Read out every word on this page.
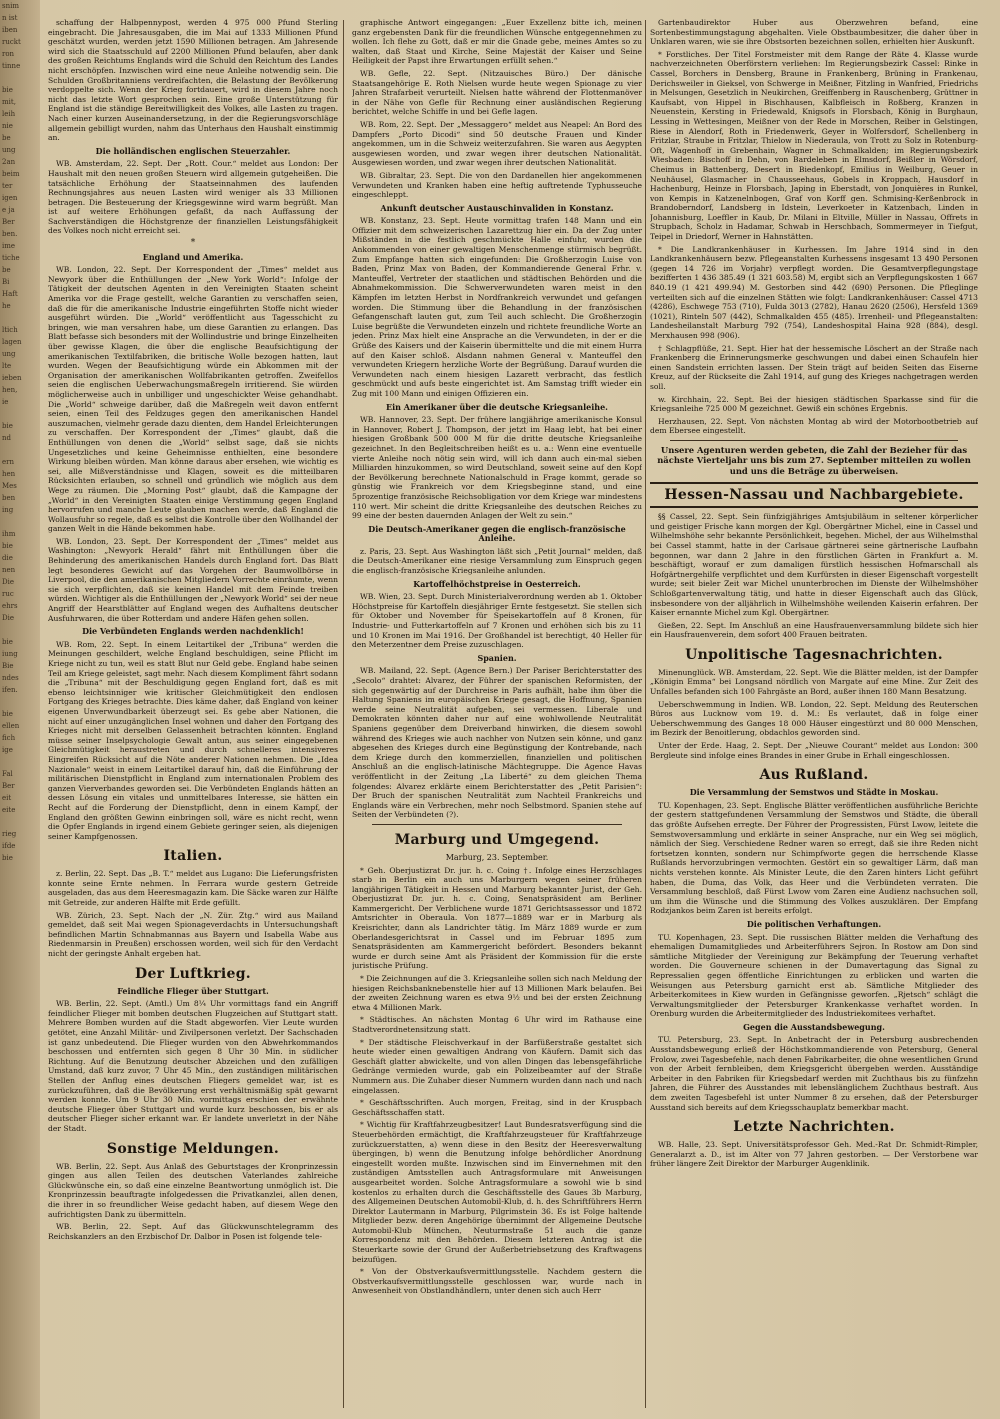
snim
n ist
iben
ruckt
ron
tinne

bie
mit,
leih
nie
be
ung
2an
beim
ter
igen
e ja
Ber
ben.
ime
tiche
be
Bi
Haft
he

ltich
lagen
ung
lte
ieben
hen,
ie

bie
nd

ern
hen
Mes
ben
ing

ihm
bie
die
nen
Die
ruc
ehrs
Die

bie
iung
Bie
ndes
ifen.

bie
ellen
fich
ige

Fal
Ber
eit
eite

rieg
ifde
bie

schaffung der Halbpennypost, werden 4 975 000 Pfund Sterling eingebracht. Die Jahresausgaben, die im Mai auf 1333 Millionen Pfund geschätzt wurden, werden jetzt 1590 Millionen betragen. Am Jahresende wird sich die Staatsschuld auf 2200 Millionen Pfund belaufen, aber dank des großen Reichtums Englands wird die Schuld den Reichtum des Landes nicht erschöpfen. Inzwischen wird eine neue Anleihe notwendig sein. Die Schulden Großbritanniens verdreifachten, die Belastung der Bevölkerung verdoppelte sich. Wenn der Krieg fortdauert, wird in diesem Jahre noch nicht das letzte Wort gesprochen sein. Eine große Unterstützung für England ist die ständige Bereitwilligkeit des Volkes, alle Lasten zu tragen. Nach einer kurzen Auseinandersetzung, in der die Regierungsvorschläge allgemein gebilligt wurden, nahm das Unterhaus den Haushalt einstimmig an.

Die holländischen englischen Steuerzahler.

WB. Amsterdam, 22. Sept. Der „Rott. Cour.“ meldet aus London: Der Haushalt mit den neuen großen Steuern wird allgemein gutgeheißen. Die tatsächliche Erhöhung der Staatseinnahmen des laufenden Rechnungsjahres aus neuen Lasten wird weniger als 33 Millionen betragen. Die Besteuerung der Kriegsgewinne wird warm begrüßt. Man ist auf weitere Erhöhungen gefaßt, da nach Auffassung der Sachverständigen die Höchstgrenze der finanziellen Leistungsfähigkeit des Volkes noch nicht erreicht sei.

*
England und Amerika.

WB. London, 22. Sept. Der Korrespondent der „Times“ meldet aus Newyork über die Enthüllungen der „New York World“: Infolge der Tätigkeit der deutschen Agenten in den Vereinigten Staaten scheint Amerika vor die Frage gestellt, welche Garantien zu verschaffen seien, daß die für die amerikanische Industrie eingeführten Stoffe nicht wieder ausgeführt würden. Die „World“ veröffentlicht aus Tagesschicht zu bringen, wie man versahren habe, um diese Garantien zu erlangen. Das Blatt befasse sich besonders mit der Wollindustrie und bringe Einzelheiten über gewisse Klagen, die über die englische Beaufsichtigung der amerikanischen Textilfabriken, die britische Wolle bezogen hatten, laut wurden. Wegen der Beaufsichtigung würde ein Abkommen mit der Organisation der amerikanischen Wollfabrikanten getroffen. Zweifellos seien die englischen Ueberwachungsmaßregeln irritierend. Sie würden möglicherweise auch in unbilliger und ungeschickter Weise gehandhabt. Die „World“ schweige darüber, daß die Maßregeln weit davon entfernt seien, einen Teil des Feldzuges gegen den amerikanischen Handel auszumachen, vielmehr gerade dazu dienten, dem Handel Erleichterungen zu verschaffen. Der Korrespondent der „Times“ glaubt, daß die Enthüllungen von denen die „World“ selbst sage, daß sie nichts Ungesetzliches und keine Geheimnisse enthielten, eine besondere Wirkung bleiben würden. Man könne daraus aber ersehen, wie wichtig es sei, alle Mißverständnisse und Klagen, soweit es die mitteilbaren Rücksichten erlauben, so schnell und gründlich wie möglich aus dem Wege zu räumen. Die „Morning Post“ glaubt, daß die Kampagne der „World“ in den Vereinigten Staaten einige Verstimmung gegen England hervorrufen und manche Leute glauben machen werde, daß England die Wollausfuhr so regele, daß es selbst die Kontrolle über den Wollhandel der ganzen Welt in die Hände bekommen habe.

WB. London, 23. Sept. Der Korrespondent der „Times“ meldet aus Washington: „Newyork Herald“ fährt mit Enthüllungen über die Behinderung des amerikanischen Handels durch England fort. Das Blatt legt besonderes Gewicht auf das Vorgehen der Baumwollbörse in Liverpool, die den amerikanischen Mitgliedern Vorrechte einräumte, wenn sie sich verpflichten, daß sie keinen Handel mit dem Feinde treiben würden. Wichtiger als die Enthüllungen der „Newyork World“ sei der neue Angriff der Hearstblätter auf England wegen des Aufhaltens deutscher Ausfuhrwaren, die über Rotterdam und andere Häfen gehen sollen.

Die Verbündeten Englands werden nachdenklich!

WB. Rom, 22. Sept. In einem Leitartikel der „Tribuna“ werden die Meinungen geschildert, welche England beschuldigen, seine Pflicht im Kriege nicht zu tun, weil es statt Blut nur Geld gebe. England habe seinen Teil am Kriege geleistet, sagt mehr. Nach diesem Kompliment fährt sodann die „Tribuna“ mit der Beschuldigung gegen England fort, daß es mit ebenso leichtsinniger wie kritischer Gleichmütigkeit den endlosen Fortgang des Krieges betrachte. Dies käme daher, daß England von keiner eigenen Unverwundbarkeit überzeugt sei. Es gebe aber Nationen, die nicht auf einer unzugänglichen Insel wohnen und daher den Fortgang des Krieges nicht mit derselben Gelassenheit betrachten könnten. England müsse seiner Inselpsychologie Gewalt antun, aus seiner eingegebenen Gleichmütigkeit heraustreten und durch schnelleres intensiveres Eingreifen Rücksicht auf die Nöte anderer Nationen nehmen. Die „Idea Nazionale“ weist in einem Leitartikel darauf hin, daß die Einführung der militärischen Dienstpflicht in England zum internationalen Problem des ganzen Vierverbandes geworden sei. Die Verbündeten Englands hätten an dessen Lösung ein vitales und unmittelbares Interesse, sie hätten ein Recht auf die Forderung der Dienstpflicht, denn in einem Kampf, der England den größten Gewinn einbringen soll, wäre es nicht recht, wenn die Opfer Englands in irgend einem Gebiete geringer seien, als diejenigen seiner Kampfgenossen.

Italien.

z. Berlin, 22. Sept. Das „B. T.“ meldet aus Lugano: Die Lieferungsfristen konnte seine Ernte nehmen. In Ferrara wurde gestern Getreide ausgeladen, das aus dem Heeresmagazin kam. Die Säcke waren zur Hälfte mit Getreide, zur anderen Hälfte mit Erde gefüllt.

WB. Zürich, 23. Sept. Nach der „N. Zür. Ztg.“ wird aus Mailand gemeldet, daß seit Mai wegen Spionageverdachts in Untersuchungshaft befindlichen Martin Schnabmannas aus Bayern und Isabella Wabe aus Riedenmarsin in Preußen) erschossen worden, weil sich für den Verdacht nicht der geringste Anhalt ergeben hat.

Der Luftkrieg.
Feindliche Flieger über Stuttgart.

WB. Berlin, 22. Sept. (Amtl.) Um 8¼ Uhr vormittags fand ein Angriff feindlicher Flieger mit bomben deutschen Flugzeichen auf Stuttgart statt. Mehrere Bomben wurden auf die Stadt abgeworfen. Vier Leute wurden getötet, eine Anzahl Militär- und Zivilpersonen verletzt. Der Sachschaden ist ganz unbedeutend. Die Flieger wurden von den Abwehrkommandos beschossen und entfernten sich gegen 8 Uhr 30 Min. in südlicher Richtung. Auf die Benutzung deutscher Abzeichen und den zufälligen Umstand, daß kurz zuvor, 7 Uhr 45 Min., den zuständigen militärischen Stellen der Anflug eines deutschen Fliegers gemeldet war, ist es zurückzuführen, daß die Bevölkerung erst verhältnismäßig spät gewarnt werden konnte. Um 9 Uhr 30 Min. vormittags erschien der erwähnte deutsche Flieger über Stuttgart und wurde kurz beschossen, bis er als deutscher Flieger sicher erkannt war. Er landete unverletzt in der Nähe der Stadt.

Sonstige Meldungen.

WB. Berlin, 22. Sept. Aus Anlaß des Geburtstages der Kronprinzessin gingen aus allen Teilen des deutschen Vaterlandes zahlreiche Glückwünsche ein, so daß eine einzelne Beantwortung unmöglich ist. Die Kronprinzessin beauftragte infolgedessen die Privatkanzlei, allen denen, die ihrer in so freundlicher Weise gedacht haben, auf diesem Wege den aufrichtigsten Dank zu übermitteln.

WB. Berlin, 22. Sept. Auf das Glückwunschtelegramm des Reichskanzlers an den Erzbischof Dr. Dalbor in Posen ist folgende tele-

graphische Antwort eingegangen: „Euer Exzellenz bitte ich, meinen ganz ergebensten Dank für die freundlichen Wünsche entgegennehmen zu wollen. Ich flehe zu Gott, daß er mir die Gnade gebe, meines Amtes so zu walten, daß Staat und Kirche, Seine Majestät der Kaiser und Seine Heiligkeit der Papst ihre Erwartungen erfüllt sehen.“

WB. Gefle, 22. Sept. (Nitzauisches Büro.) Der dänische Staatsangehörige E. Roth Nielsen wurde heute wegen Spionage zu vier Jahren Strafarbeit verurteilt. Nielsen hatte während der Flottenmanöver in der Nähe von Gefle für Rechnung einer ausländischen Regierung berichtet, welche Schiffe in und bei Gefle lagen.

WB. Rom, 22. Sept. Der „Messaggero“ meldet aus Neapel: An Bord des Dampfers „Porto Dicodi“ sind 50 deutsche Frauen und Kinder angekommen, um in die Schweiz weiterzufahren. Sie waren aus Aegypten ausgewiesen worden, und zwar wegen ihrer deutschen Nationalität. Ausgewiesen worden, und zwar wegen ihrer deutschen Nationalität.

WB. Gibraltar, 23. Sept. Die von den Dardanellen hier angekommenen Verwundeten und Kranken haben eine heftig auftretende Typhusseuche eingeschleppt.

Ankunft deutscher Austauschinvaliden in Konstanz.

WB. Konstanz, 23. Sept. Heute vormittag trafen 148 Mann und ein Offizier mit dem schweizerischen Lazarettzug hier ein. Da der Zug unter Mißständen in die festlich geschmückte Halle einfuhr, wurden die Ankommenden von einer gewaltigen Menschenmenge stürmisch begrüßt. Zum Empfange hatten sich eingefunden: Die Großherzogin Luise von Baden, Prinz Max von Baden, der Kommandierende General Frhr. v. Manteuffel, Vertreter der staatlichen und städtischen Behörden und die Abnahmekommission. Die Schwerverwundeten waren meist in den Kämpfen im letzten Herbst in Nordfrankreich verwundet und gefangen worden. Die Stimmung über die Behandlung in der französischen Gefangenschaft lauten gut, zum Teil auch schlecht. Die Großherzogin Luise begrüßte die Verwundeten einzeln und richtete freundliche Worte an jeden. Prinz Max hielt eine Ansprache an die Verwundeten, in der er die Grüße des Kaisers und der Kaiserin übermittelte und die mit einem Hurra auf den Kaiser schloß. Alsdann nahmen General v. Manteuffel den verwundeten Kriegern herzliche Worte der Begrüßung. Darauf wurden die Verwundeten nach einem hiesigen Lazarett verbracht, das festlich geschmückt und aufs beste eingerichtet ist. Am Samstag trifft wieder ein Zug mit 100 Mann und einigen Offizieren ein.

Ein Amerikaner über die deutsche Kriegsanleihe.

WB. Hannover, 23. Sept. Der frühere langjährige amerikanische Konsul in Hannover, Robert J. Thompson, der jetzt im Haag lebt, hat bei einer hiesigen Großbank 500 000 M für die dritte deutsche Kriegsanleihe gezeichnet. In den Begleitschreiben heißt es u. a.: Wenn eine eventuelle vierte Anleihe noch nötig sein wird, will ich dann auch ein-mal sieben Milliarden hinzukommen, so wird Deutschland, soweit seine auf den Kopf der Bevölkerung berechnete Nationalschuld in Frage kommt, gerade so günstig wie Frankreich vor dem Kriegsbeginne stand, und eine 5prozentige französische Reichsobligation vor dem Kriege war mindestens 110 wert. Mir scheint die dritte Kriegsanleihe des deutschen Reiches zu 99 eine der besten dauernden Anlagen der Welt zu sein.“

Die Deutsch-Amerikaner gegen die englisch-französische Anleihe.

z. Paris, 23. Sept. Aus Washington läßt sich „Petit Journal“ melden, daß die Deutsch-Amerikaner eine riesige Versammlung zum Einspruch gegen die englisch-französische Kriegsanleihe anlunden.

Kartoffelhöchstpreise in Oesterreich.

WB. Wien, 23. Sept. Durch Ministerialverordnung werden ab 1. Oktober Höchstpreise für Kartoffeln diesjähriger Ernte festgesetzt. Sie stellen sich für Oktober und November für Speisekartoffeln auf 8 Kronen, für Industrie- und Futterkartoffeln auf 7 Kronen und erhöhen sich bis zu 11 und 10 Kronen im Mai 1916. Der Großhandel ist berechtigt, 40 Heller für den Meterzentner dem Preise zuzuschlagen.

Spanien.

WB. Mailand, 22. Sept. (Agence Bern.) Der Pariser Berichterstatter des „Secolo“ drahtet: Alvarez, der Führer der spanischen Reformisten, der sich gegenwärtig auf der Durchreise in Paris aufhält, habe ihm über die Haltung Spaniens im europäischen Kriege gesagt, die Hoffnung, Spanien werde seine Neutralität aufgeben, sei vermessen. Liberale und Demokraten könnten daher nur auf eine wohlwollende Neutralität Spaniens gegenüber dem Dreiverband hinwirken, die diesem sowohl während des Krieges wie auch nachher von Nutzen sein könne, und ganz abgesehen des Krieges durch eine Begünstigung der Kontrebande, nach dem Kriege durch den kommerziellen, finanziellen und politischen Anschluß an die englisch-latinische Mächtegruppe. Die Agence Havas veröffentlicht in der Zeitung „La Liberté“ zu dem gleichen Thema folgendes: Alvarez erklärte einem Berichterstatter des „Petit Parisien“: Der Bruch der spanischen Neutralität zum Nachteil Frankreichs und Englands wäre ein Verbrechen, mehr noch Selbstmord. Spanien stehe auf Seiten der Verbündeten (?).

Marburg und Umgegend.
Marburg, 23. September.

* Geh. Oberjustizrat Dr. jur. h. c. Coing †. Infolge eines Herzschlages starb in Berlin ein auch uns Marburgern wegen seiner früheren langjährigen Tätigkeit in Hessen und Marburg bekannter Jurist, der Geh. Oberjustizrat Dr. jur. h. c. Coing, Senatspräsident am Berliner Kammergericht. Der Verblichene wurde 1871 Gerichtsassessor und 1872 Amtsrichter in Oberaula. Von 1877—1889 war er in Marburg als Kreisrichter, dann als Landrichter tätig. Im März 1889 wurde er zum Oberlandesgerichtsrat in Cassel und im Februar 1895 zum Senatspräsidenten am Kammergericht befördert. Besonders bekannt wurde er durch seine Amt als Präsident der Kommission für die erste juristische Prüfung.

* Die Zeichnungen auf die 3. Kriegsanleihe sollen sich nach Meldung der hiesigen Reichsbanknebenstelle hier auf 13 Millionen Mark belaufen. Bei der zweiten Zeichnung waren es etwa 9½ und bei der ersten Zeichnung etwa 4 Millionen Mark.

* Städtisches. An nächsten Montag 6 Uhr wird im Rathause eine Stadtverordnetensitzung statt.

* Der städtische Fleischverkauf in der Barfüßerstraße gestaltet sich heute wieder einen gewaltigen Andrang von Käufern. Damit sich das Geschäft glatter abwickelte, und von allen Dingen das lebensgefährliche Gedränge vermieden wurde, gab ein Polizeibeamter auf der Straße Nummern aus. Die Zuhaber dieser Nummern wurden dann nach und nach eingelassen.

* Geschäftsschriften. Auch morgen, Freitag, sind in der Kruspbach Geschäftsschaffen statt.

* Wichtig für Kraftfahrzeugbesitzer! Laut Bundesratsverfügung sind die Steuerbehörden ermächtigt, die Kraftfahrzeugsteuer für Kraftfahrzeuge zurückzuerstatten, a) wenn diese in den Besitz der Heeresverwaltung übergingen, b) wenn die Benutzung infolge behördlicher Anordnung eingestellt worden mußte. Inzwischen sind im Einvernehmen mit den zuständigen Amtsstellen auch Antragsformulare mit Anweisungen ausgearbeitet worden. Solche Antragsformulare a sowohl wie b sind kostenlos zu erhalten durch die Geschäftsstelle des Gaues 3b Marburg, des Allgemeinen Deutschen Automobil-Klub, d. h. des Schriftführers Herrn Direktor Lautermann in Marburg, Pilgrimstein 36. Es ist Folge haltende Mitglieder bezw. deren Angehörige übernimmt der Allgemeine Deutsche Automobil-Klub München, Neuturmstraße 51 auch die ganze Korrespondenz mit den Behörden. Diesem letzteren Antrag ist die Steuerkarte sowie der Grund der Außerbetriebsetzung des Kraftwagens beizufügen.

* Von der Obstverkaufsvermittlungsstelle. Nachdem gestern die Obstverkaufsvermittlungsstelle geschlossen war, wurde nach in Anwesenheit von Obstlandhändlern, unter denen sich auch Herr

Gartenbaudirektor Huber aus Oberzwehren befand, eine Sortenbestimmungstagung abgehalten. Viele Obstbaumbesitzer, die daher über in Unklaren waren, wie sie ihre Obstsorten bezeichnen sollen, erhielten hier Auskunft.

* Forstliches. Der Titel Forstmeister mit dem Range der Räte 4. Klasse wurde nachverzeichneten Oberförstern verliehen: Im Regierungsbezirk Cassel: Rinke in Cassel, Borchers in Densberg, Braune in Frankenberg, Brüning in Frankenau, Derichsweiler in Gieksel, von Schwerge in Meißner, Fitzling in Wanfried, Friedrichs in Melsungen, Gesetzlich in Neukirchen, Greiffenberg in Rauschenberg, Grüttner in Kaufsabt, von Hippel in Bischhausen, Kalbfleisch in Roßberg, Kranzen in Neuenstein, Kersting in Friedewald, Knigsofs in Florsbach, König in Burghaun, Lessing in Wettesingen, Meißner von der Rede in Morschen, Reiber in Gelstingen, Riese in Alendorf, Roth in Friedenwerk, Geyer in Wolfersdorf, Schellenberg in Fritzlar, Straube in Fritzlar, Thielow in Niederaula, von Trott zu Solz in Rotenburg-Oft, Wagenhoff in Grebenhain, Wagner in Schmalkalden; im Regierungsbezirk Wiesbaden: Bischoff in Dehn, von Bardeleben in Elmsdorf, Beißler in Wörsdorf, Cheimus in Battenberg, Desert in Biedenkopf, Emilius in Weilburg, Geuer in Neuhäusel, Glasmacher in Chausseehaus, Gobels in Kroppach, Hausdorf in Hachenburg, Heinze in Florsbach, Japing in Eberstadt, von Jonquières in Runkel, von Kempis in Katzenelnbogen, Graf von Korff gen. Schmising-Kerßenbrock in Brandoberndorf, Landsberg in Idstein, Leverkoeter in Katzenbach, Linden in Johannisburg, Loeffler in Kaub, Dr. Milani in Eltville, Müller in Nassau, Offrets in Strupbach, Scholz in Hadamar, Schwab in Herschbach, Sommermeyer in Tiefgut, Teipel in Driedorf, Werner in Hahnstätten.

* Die Landkrankenhäuser in Kurhessen. Im Jahre 1914 sind in den Landkrankenhäusern bezw. Pflegeanstalten Kurhessens insgesamt 13 490 Personen (gegen 14 726 im Vorjahr) verpflegt worden. Die Gesamtverpflegungstage bezifferten 1 436 385.49 (1 321 603.58) M, ergibt sich an Verpflegungskosten 1 667 840.19 (1 421 499.94) M. Gestorben sind 442 (690) Personen. Die Pfleglinge verteilten sich auf die einzelnen Stätten wie folgt: Landkrankenhäuser: Cassel 4713 (4286), Eschwege 753 (710), Fulda 3013 (2782), Hanau 2620 (2506), Hersfeld 1369 (1021), Rinteln 507 (442), Schmalkalden 455 (485). Irrenheil- und Pflegeanstalten: Landesheilanstalt Marburg 792 (754), Landeshospital Haina 928 (884), desgl. Merxhausen 998 (906).

† Schlagpflüße, 21. Sept. Hier hat der hessemische Löschert an der Straße nach Frankenberg die Erinnerungsmerke geschwungen und dabei einen Schaufeln hier einen Sandstein errichten lassen. Der Stein trägt auf beiden Seiten das Eiserne Kreuz, auf der Rückseite die Zahl 1914, auf gung des Krieges nachgetragen werden soll.

w. Kirchhain, 22. Sept. Bei der hiesigen städtischen Sparkasse sind für die Kriegsanleihe 725 000 M gezeichnet. Gewiß ein schönes Ergebnis.

Herzhausen, 22. Sept. Von nächsten Montag ab wird der Motorbootbetrieb auf dem Ebersee eingestellt.

Unsere Agenturen werden gebeten, die Zahl der Bezieher für das nächste Vierteljahr uns bis zum 27. September mitteilen zu wollen und uns die Beträge zu überweisen.
Hessen-Nassau und Nachbargebiete.

§§ Cassel, 22. Sept. Sein fünfzigjähriges Amtsjubiläum in seltener körperlicher und geistiger Frische kann morgen der Kgl. Obergärtner Michel, eine in Cassel und Wilhelmshöhe sehr bekannte Persönlichkeit, begehen. Michel, der aus Wilhelmsthal bei Cassel stammt, hatte in der Carlsaue gärtnerei seine gärtnerische Laufbahn begonnen, war dann 2 Jahre in den fürstlichen Gärten in Frankfurt a. M. beschäftigt, worauf er zum damaligen fürstlich hessischen Hofmarschall als Hofgärtnergehilfe verpflichtet und dem Kurfürsten in dieser Eigenschaft vorgestellt wurde; seit bieler Zeit war Michel ununterbrochen im Dienste der Wilhelmshöher Schloßgartenverwaltung tätig, und hatte in dieser Eigenschaft auch das Glück, insbesondere von der alljährlich in Wilhelmshöhe weilenden Kaiserin erfahren. Der Kaiser ernannte Michel zum Kgl. Obergärtner.

Gießen, 22. Sept. Im Anschluß an eine Hausfrauenversammlung bildete sich hier ein Hausfrauenverein, dem sofort 400 Frauen beitraten.

Unpolitische Tagesnachrichten.

Minenunglück. WB. Amsterdam, 22. Sept. Wie die Blätter melden, ist der Dampfer „Königin Emma“ bei Longsand nördlich von Margate auf eine Mine. Zur Zeit des Unfalles befanden sich 100 Fahrgäste an Bord, außer ihnen 180 Mann Besatzung.

Ueberschwemmung in Indien. WB. London, 22. Sept. Meldung des Reuterschen Büros aus Lucknow vom 19. d. M.: Es verlautet, daß in folge einer Ueberschwemmung des Ganges 18 000 Häuser eingestürzt und 80 000 Menschen, im Bezirk der Benoitlerung, obdachlos geworden sind.

Unter der Erde. Haag, 2. Sept. Der „Nieuwe Courant“ meldet aus London: 300 Bergleute sind infolge eines Brandes in einer Grube in Erhall eingeschlossen.

Aus Rußland.
Die Versammlung der Semstwos und Städte in Moskau.

TU. Kopenhagen, 23. Sept. Englische Blätter veröffentlichen ausführliche Berichte der gestern stattgefundenen Versammlung der Semstwos und Städte, die überall das größte Aufsehen erregte. Der Führer der Progressisten, Fürst Lwow, leitete die Semstwoversammlung und erklärte in seiner Ansprache, nur ein Weg sei möglich, nämlich der Sieg. Verschiedene Redner waren so erregt, daß sie ihre Reden nicht fortsetzen konnten, sondern nur Schimpfworte gegen die herrschende Klasse Rußlands hervorzubringen vermochten. Gestört ein so gewaltiger Lärm, daß man nichts verstehen konnte. Als Minister Leute, die den Zaren hinters Licht geführt haben, die Duma, das Volk, das Heer und die Verbündeten verraten. Die Versammlung beschloß, daß Fürst Lwow vom Zaren eine Audienz nachsuchen soll, um ihm die Wünsche und die Stimmung des Volkes auszuklären. Der Empfang Rodzjankos beim Zaren ist bereits erfolgt.

Die politischen Verhaftungen.

TU. Kopenhagen, 23. Sept. Die russischen Blätter melden die Verhaftung des ehemaligen Dumamitgliedes und Arbeiterführers Sejron. In Rostow am Don sind sämtliche Mitglieder der Vereinigung zur Bekämpfung der Teuerung verhaftet worden. Die Gouverneure schienen in der Dumavertagung das Signal zu Repressalien gegen öffentliche Einrichtungen zu erblicken und warten die Weisungen aus Petersburg garnicht erst ab. Sämtliche Mitglieder des Arbeiterkomitees in Kiew wurden in Gefängnisse geworfen. „Rjetsch“ schlägt die Verwaltungsmitglieder der Petersburger Krankenkasse verhaftet worden. In Orenburg wurden die Arbeitermitglieder des Industriekomitees verhaftet.

Gegen die Ausstandsbewegung.

TU. Petersburg, 23. Sept. In Anbetracht der in Petersburg ausbrechenden Ausstandsbewegung erließ der Höchstkommandierende von Petersburg, General Frolow, zwei Tagesbefehle, nach denen Fabrikarbeiter, die ohne wesentlichen Grund von der Arbeit fernbleiben, dem Kriegsgericht übergeben werden. Ausständige Arbeiter in den Fabriken für Kriegsbedarf werden mit Zuchthaus bis zu fünfzehn Jahren, die Führer des Ausstandes mit lebenslänglichem Zuchthaus bestraft. Aus dem zweiten Tagesbefehl ist unter Nummer 8 zu ersehen, daß der Petersburger Ausstand sich bereits auf dem Kriegsschauplatz bemerkbar macht.

Letzte Nachrichten.

WB. Halle, 23. Sept. Universitätsprofessor Geh. Med.-Rat Dr. Schmidt-Rimpler, Generalarzt a. D., ist im Alter von 77 Jahren gestorben. — Der Verstorbene war früher längere Zeit Direktor der Marburger Augenklinik.
